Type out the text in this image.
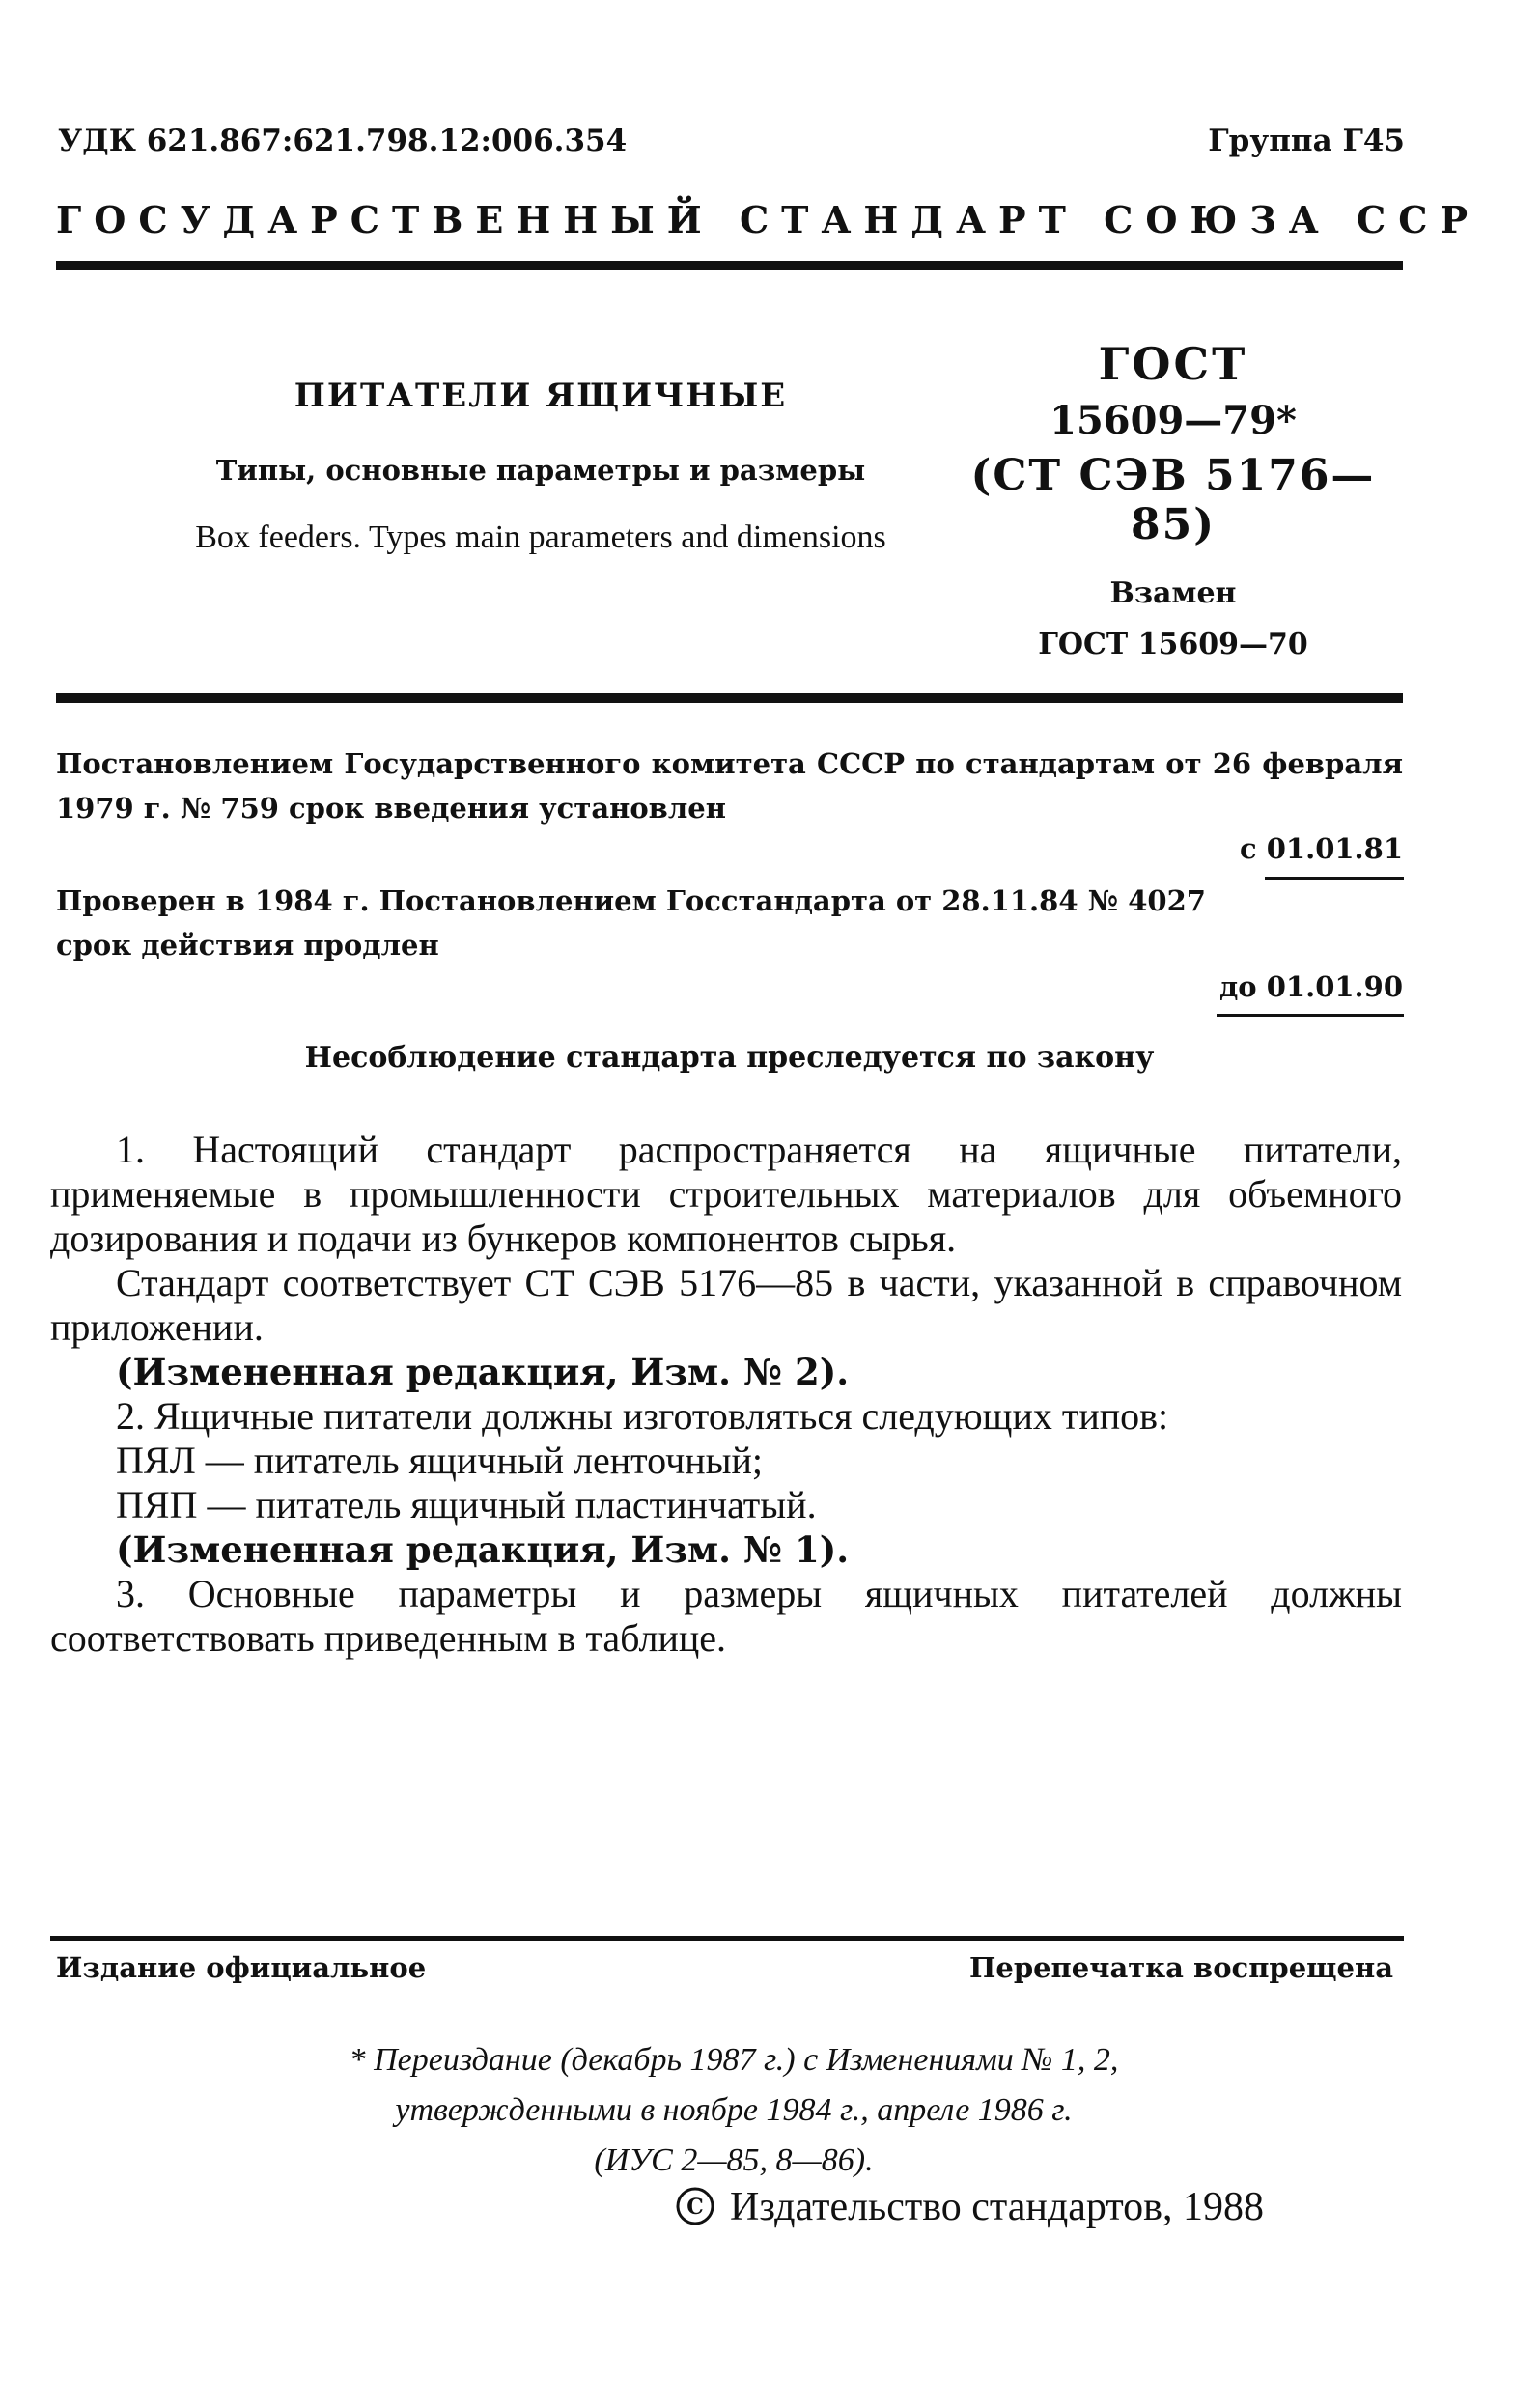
УДК 621.867:621.798.12:006.354	Группа Г45
ГОСУДАРСТВЕННЫЙ СТАНДАРТ СОЮЗА ССР
ПИТАТЕЛИ ЯЩИЧНЫЕ
Типы, основные параметры и размеры
Box feeders. Types main parameters and dimensions
ГОСТ
15609—79*
(СТ СЭВ 5176—85)
Взамен
ГОСТ 15609—70
Постановлением Государственного комитета СССР по стандартам от 26 февраля 1979 г. № 759 срок введения установлен
с 01.01.81
Проверен в 1984 г. Постановлением Госстандарта от 28.11.84 № 4027 срок действия продлен
до 01.01.90
Несоблюдение стандарта преследуется по закону

1. Настоящий стандарт распространяется на ящичные питатели, применяемые в промышленности строительных материалов для объемного дозирования и подачи из бункеров компонентов сырья.

Стандарт соответствует СТ СЭВ 5176—85 в части, указанной в справочном приложении.

(Измененная редакция, Изм. № 2).

2. Ящичные питатели должны изготовляться следующих типов:

ПЯЛ — питатель ящичный ленточный;

ПЯП — питатель ящичный пластинчатый.

(Измененная редакция, Изм. № 1).

3. Основные параметры и размеры ящичных питателей должны соответствовать приведенным в таблице.

Издание официальное	Перепечатка воспрещена
* Переиздание (декабрь 1987 г.) с Изменениями № 1, 2,
утвержденными в ноябре 1984 г., апреле 1986 г.
(ИУС 2—85, 8—86).
C Издательство стандартов, 1988
